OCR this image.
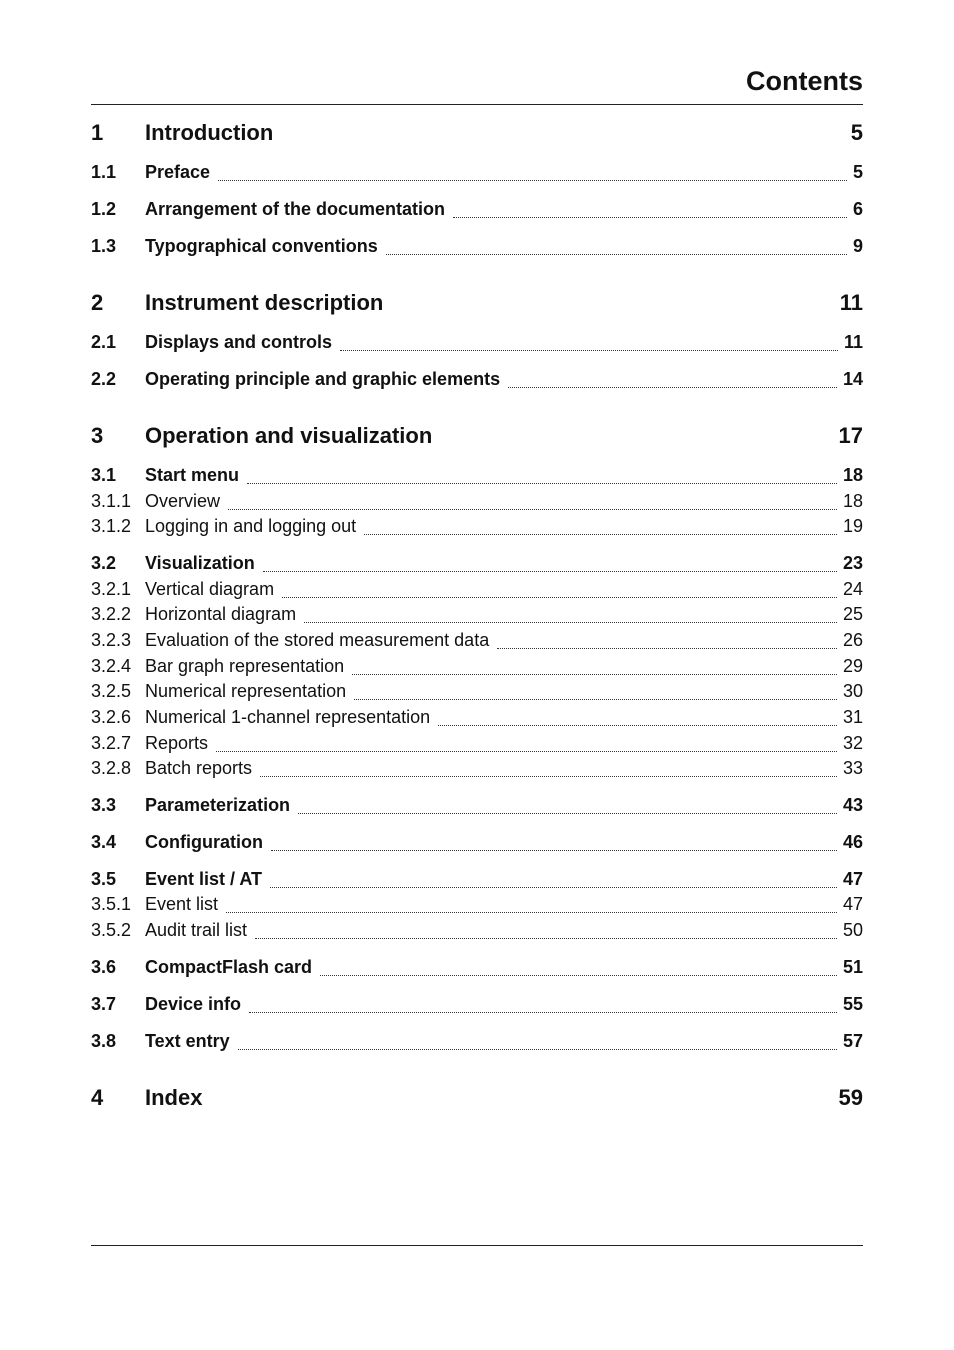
Contents
1	Introduction	5
1.1	Preface	5
1.2	Arrangement of the documentation	6
1.3	Typographical conventions	9
2	Instrument description	11
2.1	Displays and controls	11
2.2	Operating principle and graphic elements	14
3	Operation and visualization	17
3.1	Start menu	18
3.1.1 Overview	18
3.1.2 Logging in and logging out	19
3.2	Visualization	23
3.2.1 Vertical diagram	24
3.2.2 Horizontal diagram	25
3.2.3 Evaluation of the stored measurement data	26
3.2.4 Bar graph representation	29
3.2.5 Numerical representation	30
3.2.6 Numerical 1-channel representation	31
3.2.7 Reports	32
3.2.8 Batch reports	33
3.3	Parameterization	43
3.4	Configuration	46
3.5	Event list / AT	47
3.5.1 Event list	47
3.5.2 Audit trail list	50
3.6	CompactFlash card	51
3.7	Device info	55
3.8	Text entry	57
4	Index	59
